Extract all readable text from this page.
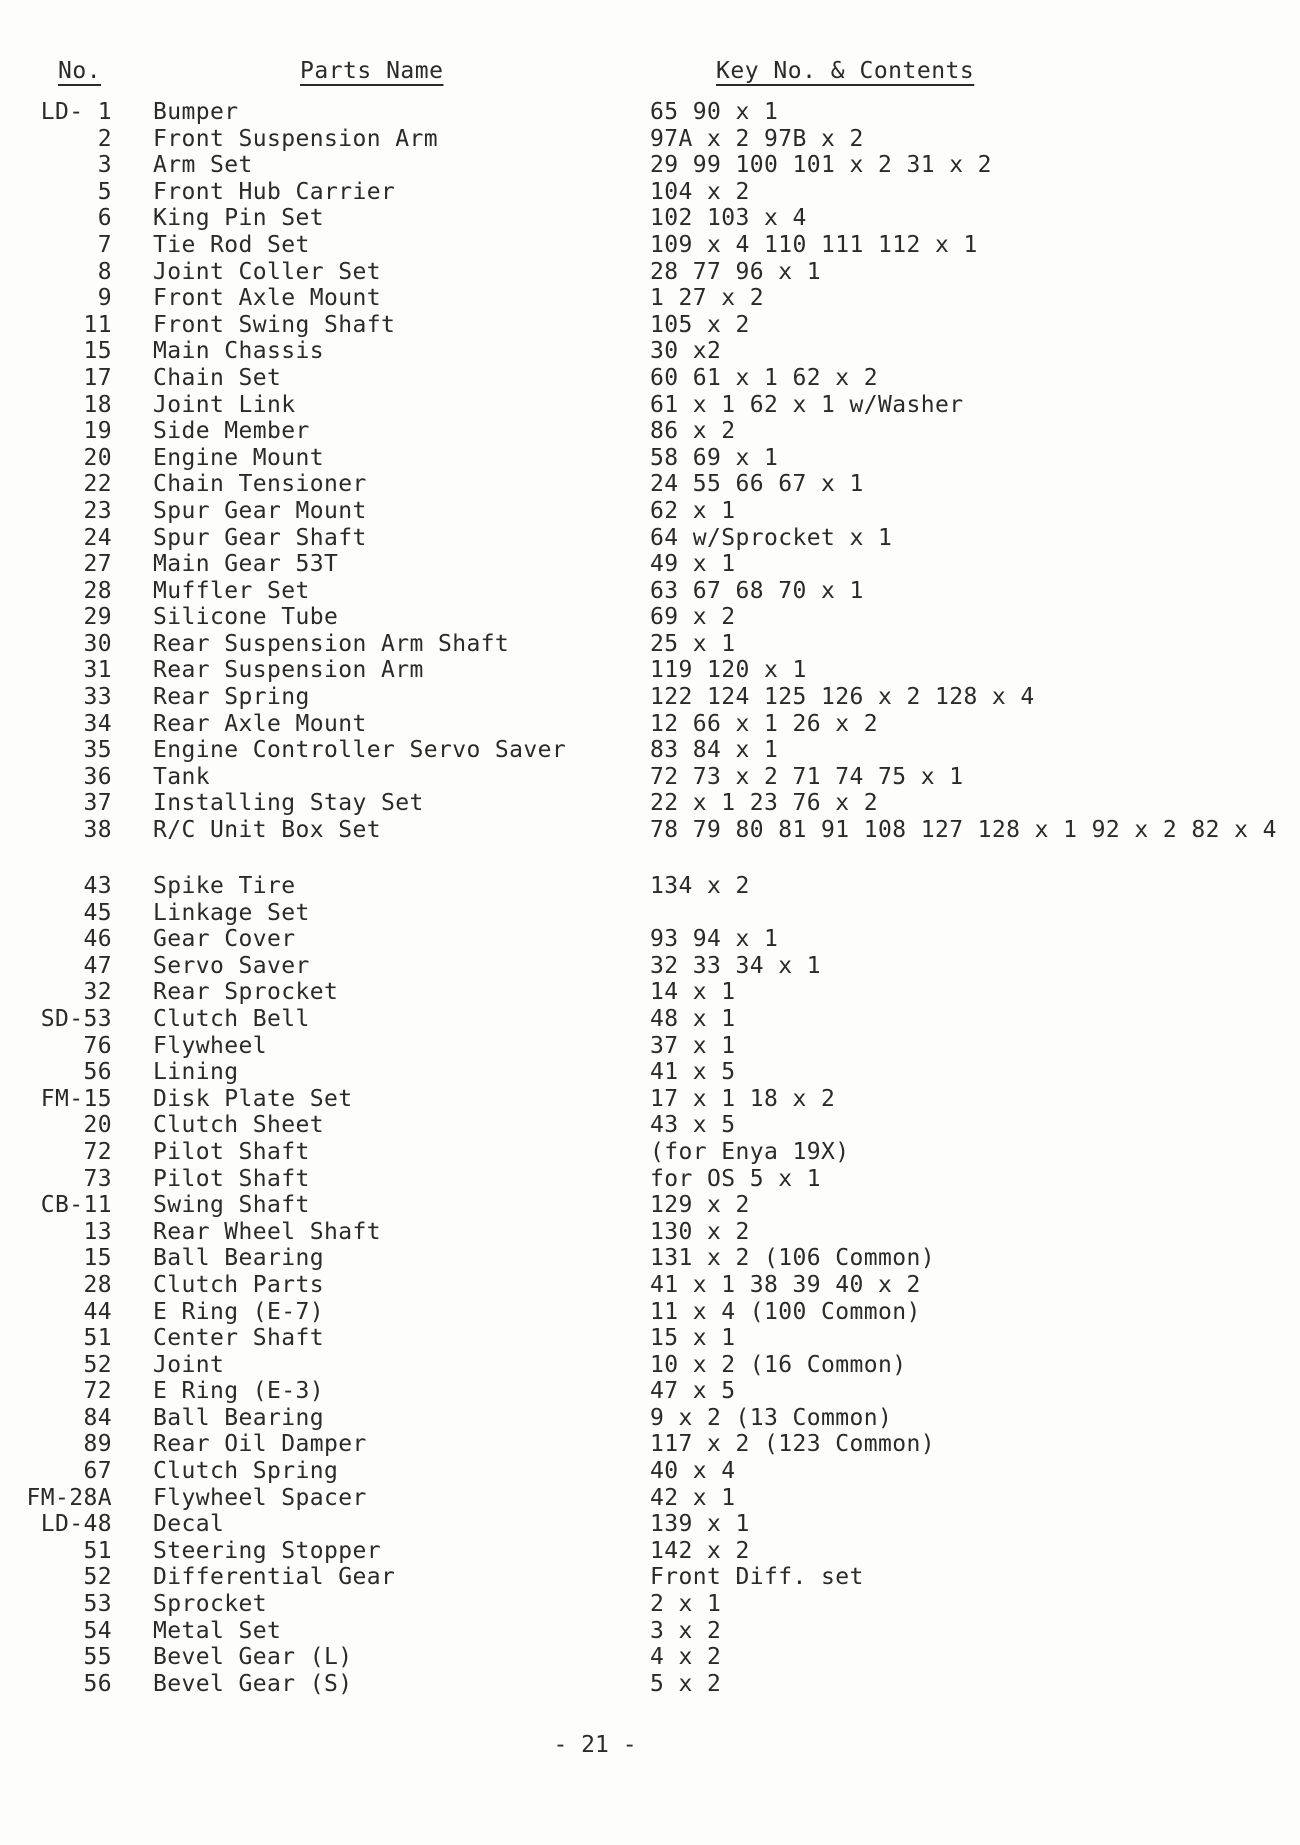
No.	Parts Name	Key No. & Contents
LD- 1 Bumper	65 90 x 1
2 Front Suspension Arm	97A x 2 97B x 2
3 Arm Set	29 99 100 101 x 2 31 x 2
5 Front Hub Carrier	104 x 2
6 King Pin Set	102 103 x 4
7 Tie Rod Set	109 x 4 110 111 112 x 1
8 Joint Coller Set	28 77 96 x 1
9 Front Axle Mount	1 27 x 2
11 Front Swing Shaft	105 x 2
15 Main Chassis	30 x2
17 Chain Set	60 61 x 1 62 x 2
18 Joint Link	61 x 1 62 x 1 w/Washer
19 Side Member	86 x 2
20 Engine Mount	58 69 x 1
22 Chain Tensioner	24 55 66 67 x 1
23 Spur Gear Mount	62 x 1
24 Spur Gear Shaft	64 w/Sprocket x 1
27 Main Gear 53T	49 x 1
28 Muffler Set	63 67 68 70 x 1
29 Silicone Tube	69 x 2
30 Rear Suspension Arm Shaft	25 x 1
31 Rear Suspension Arm	119 120 x 1
33 Rear Spring	122 124 125 126 x 2 128 x 4
34 Rear Axle Mount	12 66 x 1 26 x 2
35 Engine Controller Servo Saver	83 84 x 1
36 Tank	72 73 x 2 71 74 75 x 1
37 Installing Stay Set	22 x 1 23 76 x 2
38 R/C Unit Box Set	78 79 80 81 91 108 127 128 x 1 92 x 2 82 x 4
43 Spike Tire	134 x 2
45 Linkage Set
46 Gear Cover	93 94 x 1
47 Servo Saver	32 33 34 x 1
32 Rear Sprocket	14 x 1
SD-53 Clutch Bell	48 x 1
76 Flywheel	37 x 1
56 Lining	41 x 5
FM-15 Disk Plate Set	17 x 1 18 x 2
20 Clutch Sheet	43 x 5
72 Pilot Shaft	(for Enya 19X)
73 Pilot Shaft	for OS 5 x 1
CB-11 Swing Shaft	129 x 2
13 Rear Wheel Shaft	130 x 2
15 Ball Bearing	131 x 2 (106 Common)
28 Clutch Parts	41 x 1 38 39 40 x 2
44 E Ring (E-7)	11 x 4 (100 Common)
51 Center Shaft	15 x 1
52 Joint	10 x 2 (16 Common)
72 E Ring (E-3)	47 x 5
84 Ball Bearing	9 x 2 (13 Common)
89 Rear Oil Damper	117 x 2 (123 Common)
67 Clutch Spring	40 x 4
FM-28A Flywheel Spacer	42 x 1
LD-48 Decal	139 x 1
51 Steering Stopper	142 x 2
52 Differential Gear	Front Diff. set
53 Sprocket	2 x 1
54 Metal Set	3 x 2
55 Bevel Gear (L)	4 x 2
56 Bevel Gear (S)	5 x 2
- 21 -
